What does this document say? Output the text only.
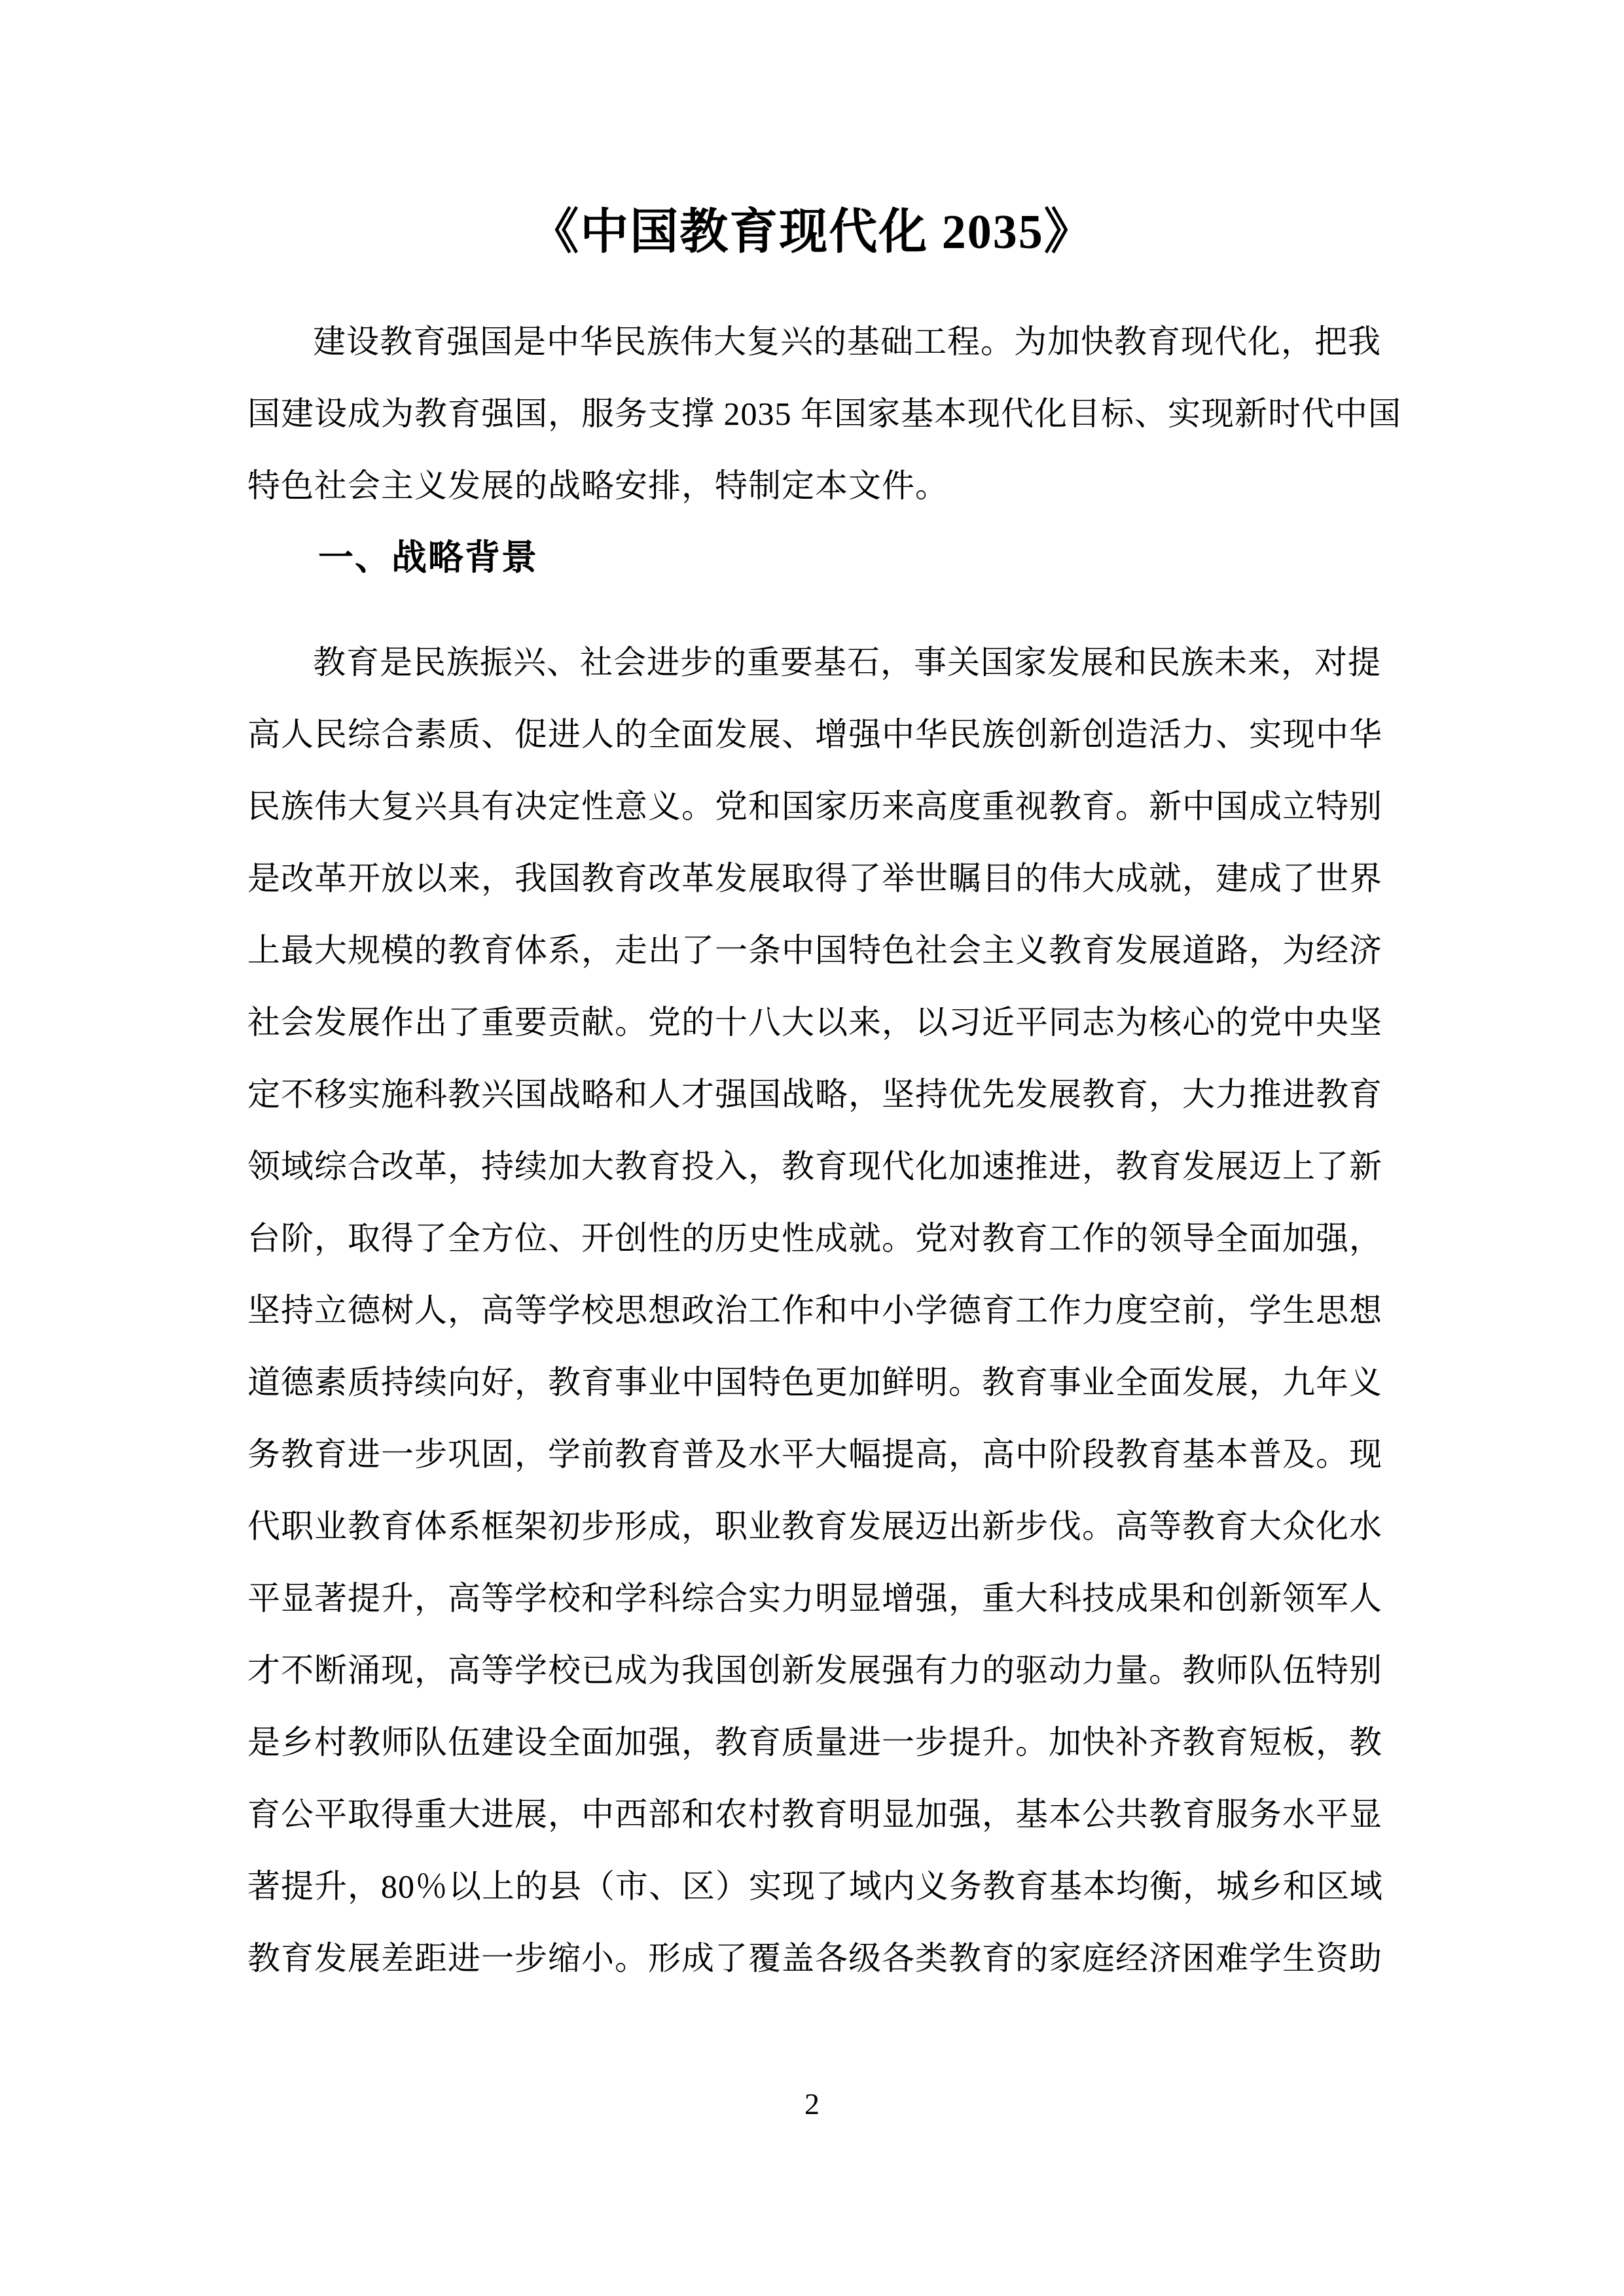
《中国教育现代化 2035》

建设教育强国是中华民族伟大复兴的基础工程。为加快教育现代化，把我

国建设成为教育强国，服务支撑 2035 年国家基本现代化目标、实现新时代中国

特色社会主义发展的战略安排，特制定本文件。

一、战略背景

教育是民族振兴、社会进步的重要基石，事关国家发展和民族未来，对提

高人民综合素质、促进人的全面发展、增强中华民族创新创造活力、实现中华

民族伟大复兴具有决定性意义。党和国家历来高度重视教育。新中国成立特别

是改革开放以来，我国教育改革发展取得了举世瞩目的伟大成就，建成了世界

上最大规模的教育体系，走出了一条中国特色社会主义教育发展道路，为经济

社会发展作出了重要贡献。党的十八大以来，以习近平同志为核心的党中央坚

定不移实施科教兴国战略和人才强国战略，坚持优先发展教育，大力推进教育

领域综合改革，持续加大教育投入，教育现代化加速推进，教育发展迈上了新

台阶，取得了全方位、开创性的历史性成就。党对教育工作的领导全面加强，

坚持立德树人，高等学校思想政治工作和中小学德育工作力度空前，学生思想

道德素质持续向好，教育事业中国特色更加鲜明。教育事业全面发展，九年义

务教育进一步巩固，学前教育普及水平大幅提高，高中阶段教育基本普及。现

代职业教育体系框架初步形成，职业教育发展迈出新步伐。高等教育大众化水

平显著提升，高等学校和学科综合实力明显增强，重大科技成果和创新领军人

才不断涌现，高等学校已成为我国创新发展强有力的驱动力量。教师队伍特别

是乡村教师队伍建设全面加强，教育质量进一步提升。加快补齐教育短板，教

育公平取得重大进展，中西部和农村教育明显加强，基本公共教育服务水平显

著提升，80％以上的县（市、区）实现了域内义务教育基本均衡，城乡和区域

教育发展差距进一步缩小。形成了覆盖各级各类教育的家庭经济困难学生资助

2
